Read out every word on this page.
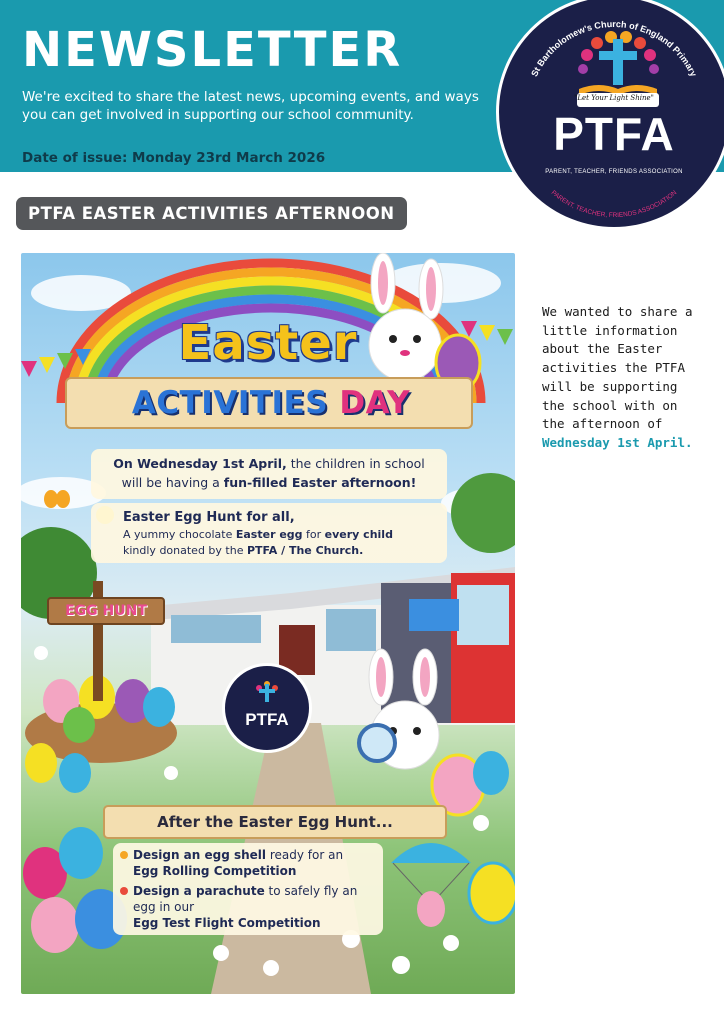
NEWSLETTER
We're excited to share the latest news, upcoming events, and ways you can get involved in supporting our school community.
Date of issue: Monday 23rd March 2026
St Bartholomew's Church of England Primary
PARENT, TEACHER, FRIENDS ASSOCIATION
"Let Your Light Shine"
PTFA
PARENT, TEACHER, FRIENDS ASSOCIATION
PTFA EASTER ACTIVITIES AFTERNOON
Easter
ACTIVITIES DAY
On Wednesday 1st April, the children in school
will be having a fun-filled Easter afternoon!
Easter Egg Hunt for all,
A yummy chocolate Easter egg for every child
kindly donated by the PTFA / The Church.
EGG HUNT
PTFA
After the Easter Egg Hunt...
Design an egg shell ready for an
Egg Rolling Competition
Design a parachute to safely fly an egg in our
Egg Test Flight Competition
We wanted to share a little information about the Easter activities the PTFA will be supporting the school with on the afternoon of
Wednesday 1st April.
